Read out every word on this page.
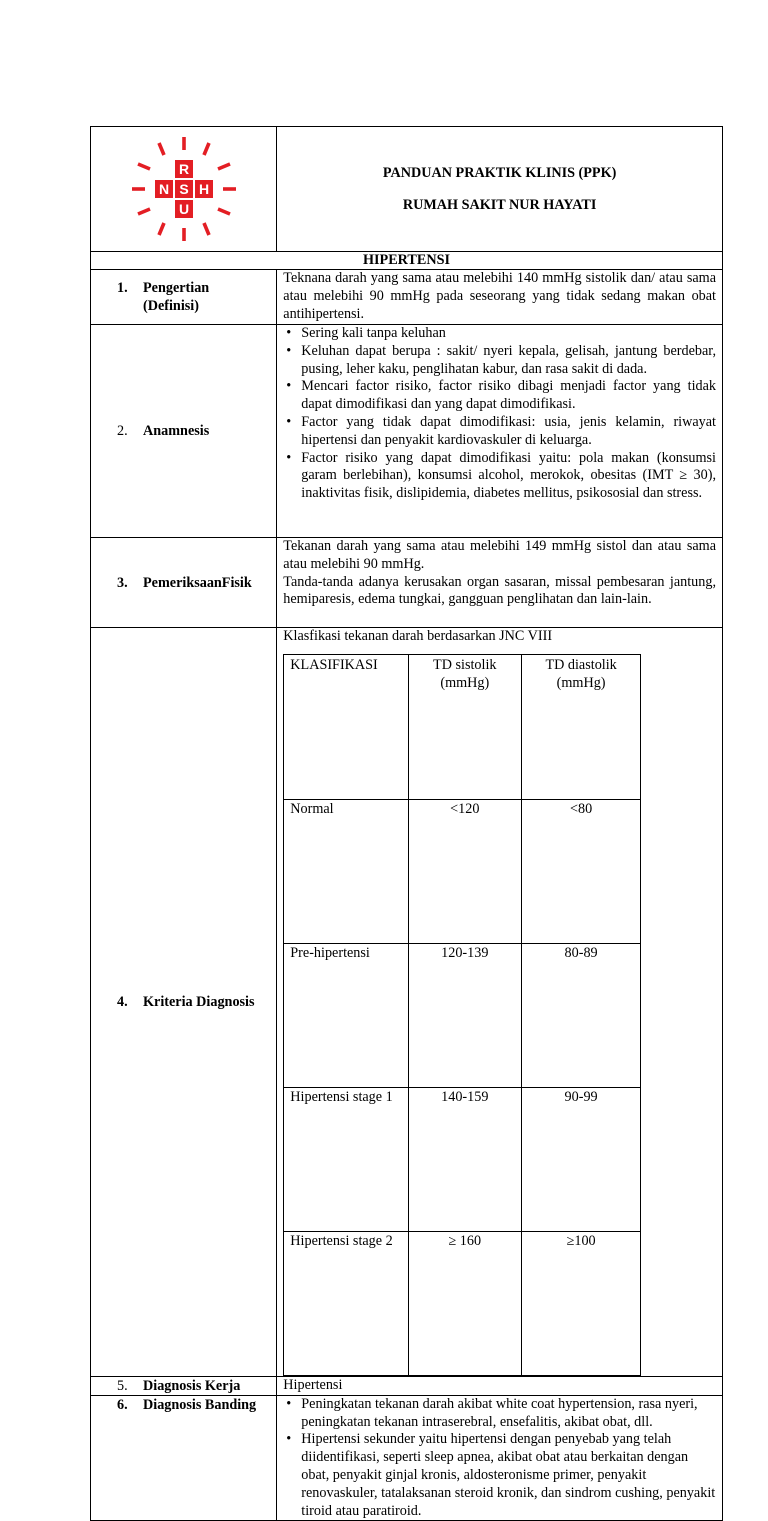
R
N S H
U

PANDUAN PRAKTIK KLINIS (PPK)
RUMAH SAKIT NUR HAYATI

HIPERTENSI

1.	Pengertian
(Definisi)

Teknana darah yang sama atau melebihi 140 mmHg sistolik dan/ atau sama atau melebihi 90 mmHg pada seseorang yang tidak sedang makan obat antihipertensi.

2.	Anamnesis

• Sering kali tanpa keluhan
• Keluhan dapat berupa : sakit/ nyeri kepala, gelisah, jantung berdebar, pusing, leher kaku, penglihatan kabur, dan rasa sakit di dada.
• Mencari factor risiko, factor risiko dibagi menjadi factor yang tidak dapat dimodifikasi dan yang dapat dimodifikasi.
• Factor yang tidak dapat dimodifikasi: usia, jenis kelamin, riwayat hipertensi dan penyakit kardiovaskuler di keluarga.
• Factor risiko yang dapat dimodifikasi yaitu: pola makan (konsumsi garam berlebihan), konsumsi alcohol, merokok, obesitas (IMT ≥ 30), inaktivitas fisik, dislipidemia, diabetes mellitus, psikososial dan stress.

3.	PemeriksaanFisik

Tekanan darah yang sama atau melebihi 149 mmHg sistol dan atau sama atau melebihi 90 mmHg.

Tanda-tanda adanya kerusakan organ sasaran, missal pembesaran jantung, hemiparesis, edema tungkai, gangguan penglihatan dan lain-lain.

4.	Kriteria Diagnosis

Klasfikasi tekanan darah berdasarkan JNC VIII

KLASIFIKASI	TD sistolik (mmHg)	TD diastolik (mmHg)
Normal	<120	<80
Pre-hipertensi	120-139	80-89
Hipertensi stage 1	140-159	90-99
Hipertensi stage 2	≥ 160	≥100

5.	Diagnosis Kerja	Hipertensi

6.	Diagnosis Banding

•Peningkatan tekanan darah akibat white coat hypertension, rasa nyeri, peningkatan tekanan intraserebral, ensefalitis, akibat obat, dll.
• Hipertensi sekunder yaitu hipertensi dengan penyebab yang telah diidentifikasi, seperti sleep apnea, akibat obat atau berkaitan dengan obat, penyakit ginjal kronis, aldosteronisme primer, penyakit renovaskuler, tatalaksanan steroid kronik, dan sindrom cushing, penyakit tiroid atau paratiroid.
